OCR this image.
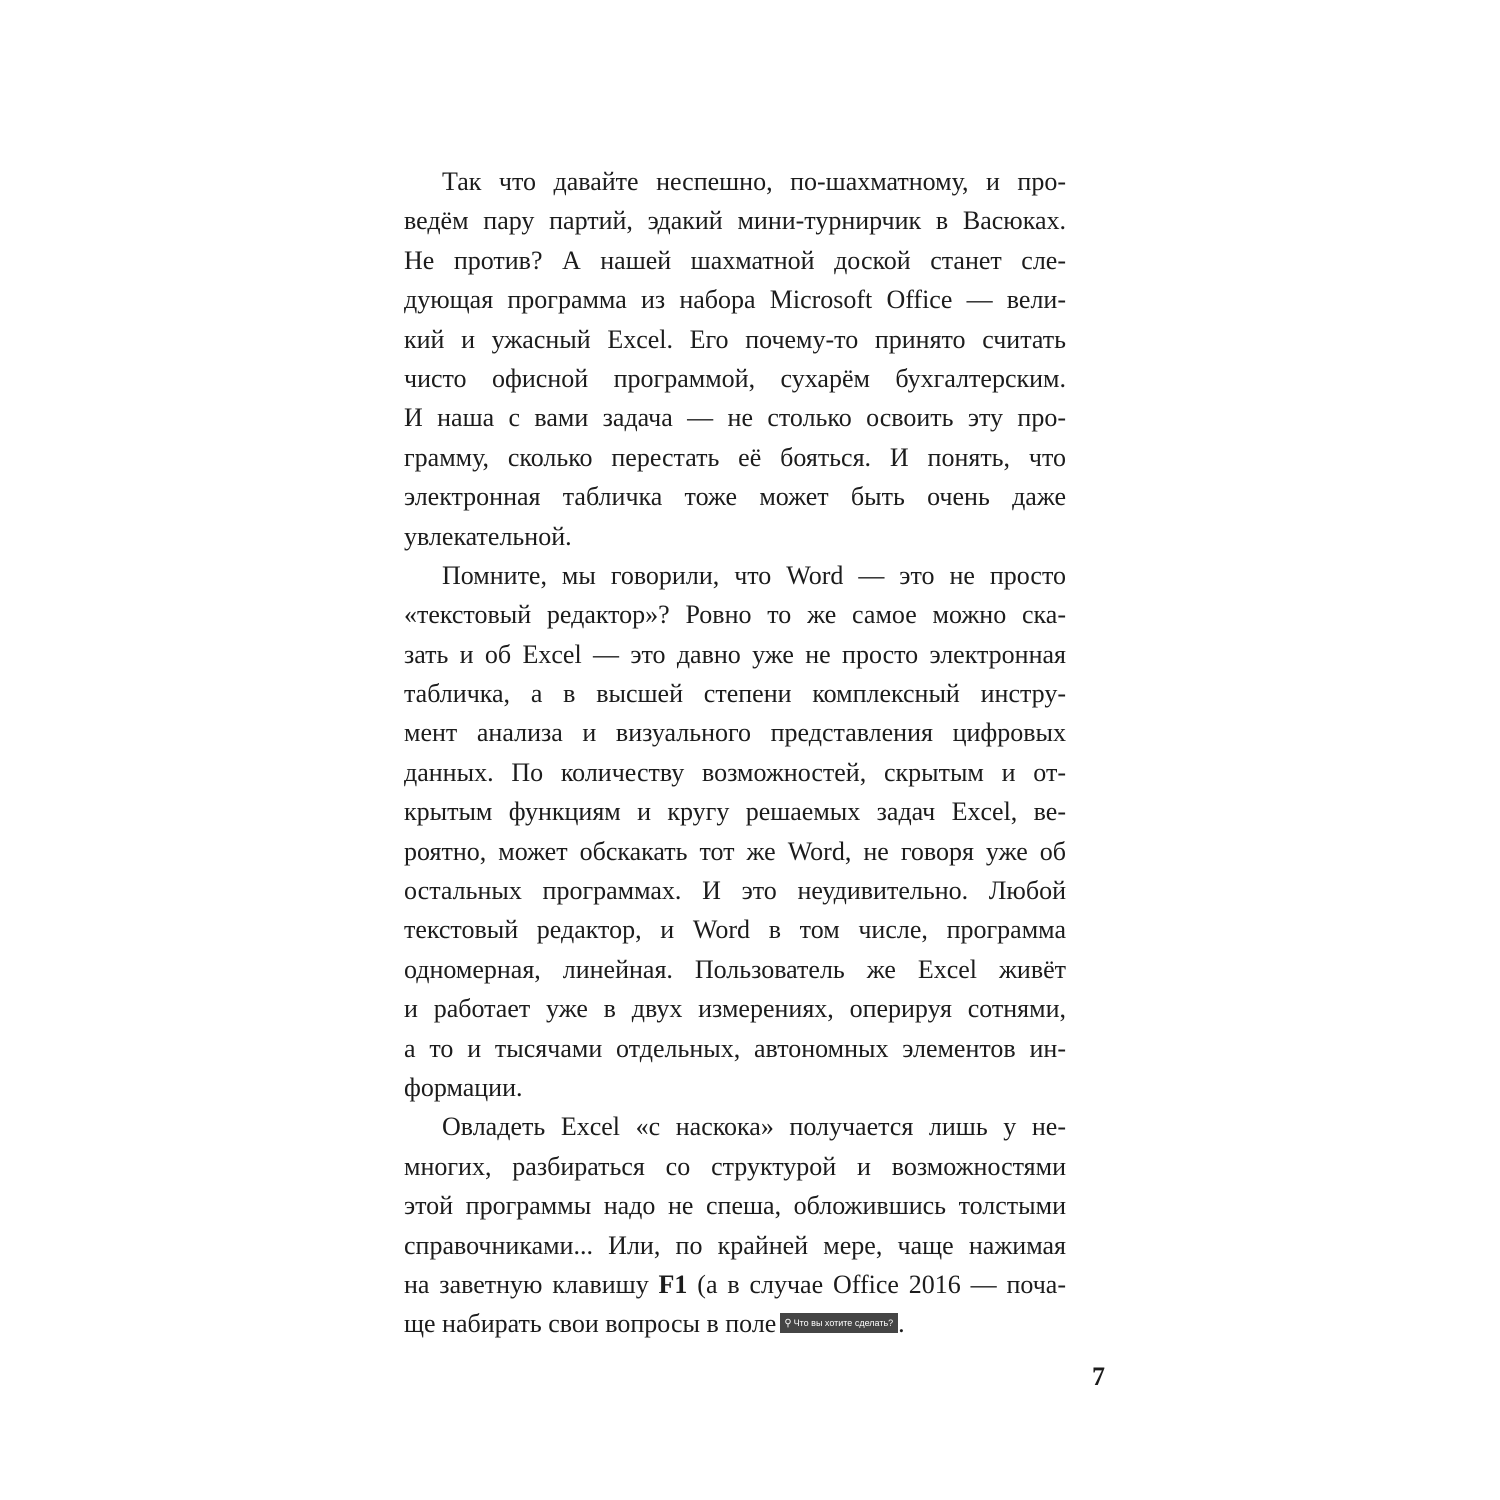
Так что давайте неспешно, по-шахматному, и про-
ведём пару партий, эдакий мини-турнирчик в Васюках.
Не против? А нашей шахматной доской станет сле-
дующая программа из набора Microsoft Office — вели-
кий и ужасный Excel. Его почему-то принято считать
чисто офисной программой, сухарём бухгалтерским.
И наша с вами задача — не столько освоить эту про-
грамму, сколько перестать её бояться. И понять, что
электронная табличка тоже может быть очень даже
увлекательной.
Помните, мы говорили, что Word — это не просто
«текстовый редактор»? Ровно то же самое можно ска-
зать и об Excel — это давно уже не просто электронная
табличка, а в высшей степени комплексный инстру-
мент анализа и визуального представления цифровых
данных. По количеству возможностей, скрытым и от-
крытым функциям и кругу решаемых задач Excel, ве-
роятно, может обскакать тот же Word, не говоря уже об
остальных программах. И это неудивительно. Любой
текстовый редактор, и Word в том числе, программа
одномерная, линейная. Пользователь же Excel живёт
и работает уже в двух измерениях, оперируя сотнями,
а то и тысячами отдельных, автономных элементов ин-
формации.
Овладеть Excel «с наскока» получается лишь у не-
многих, разбираться со структурой и возможностями
этой программы надо не спеша, обложившись толстыми
справочниками... Или, по крайней мере, чаще нажимая
на заветную клавишу F1 (а в случае Office 2016 — поча-
ще набирать свои вопросы в поле ⚲ Что вы хотите сделать? .
7
